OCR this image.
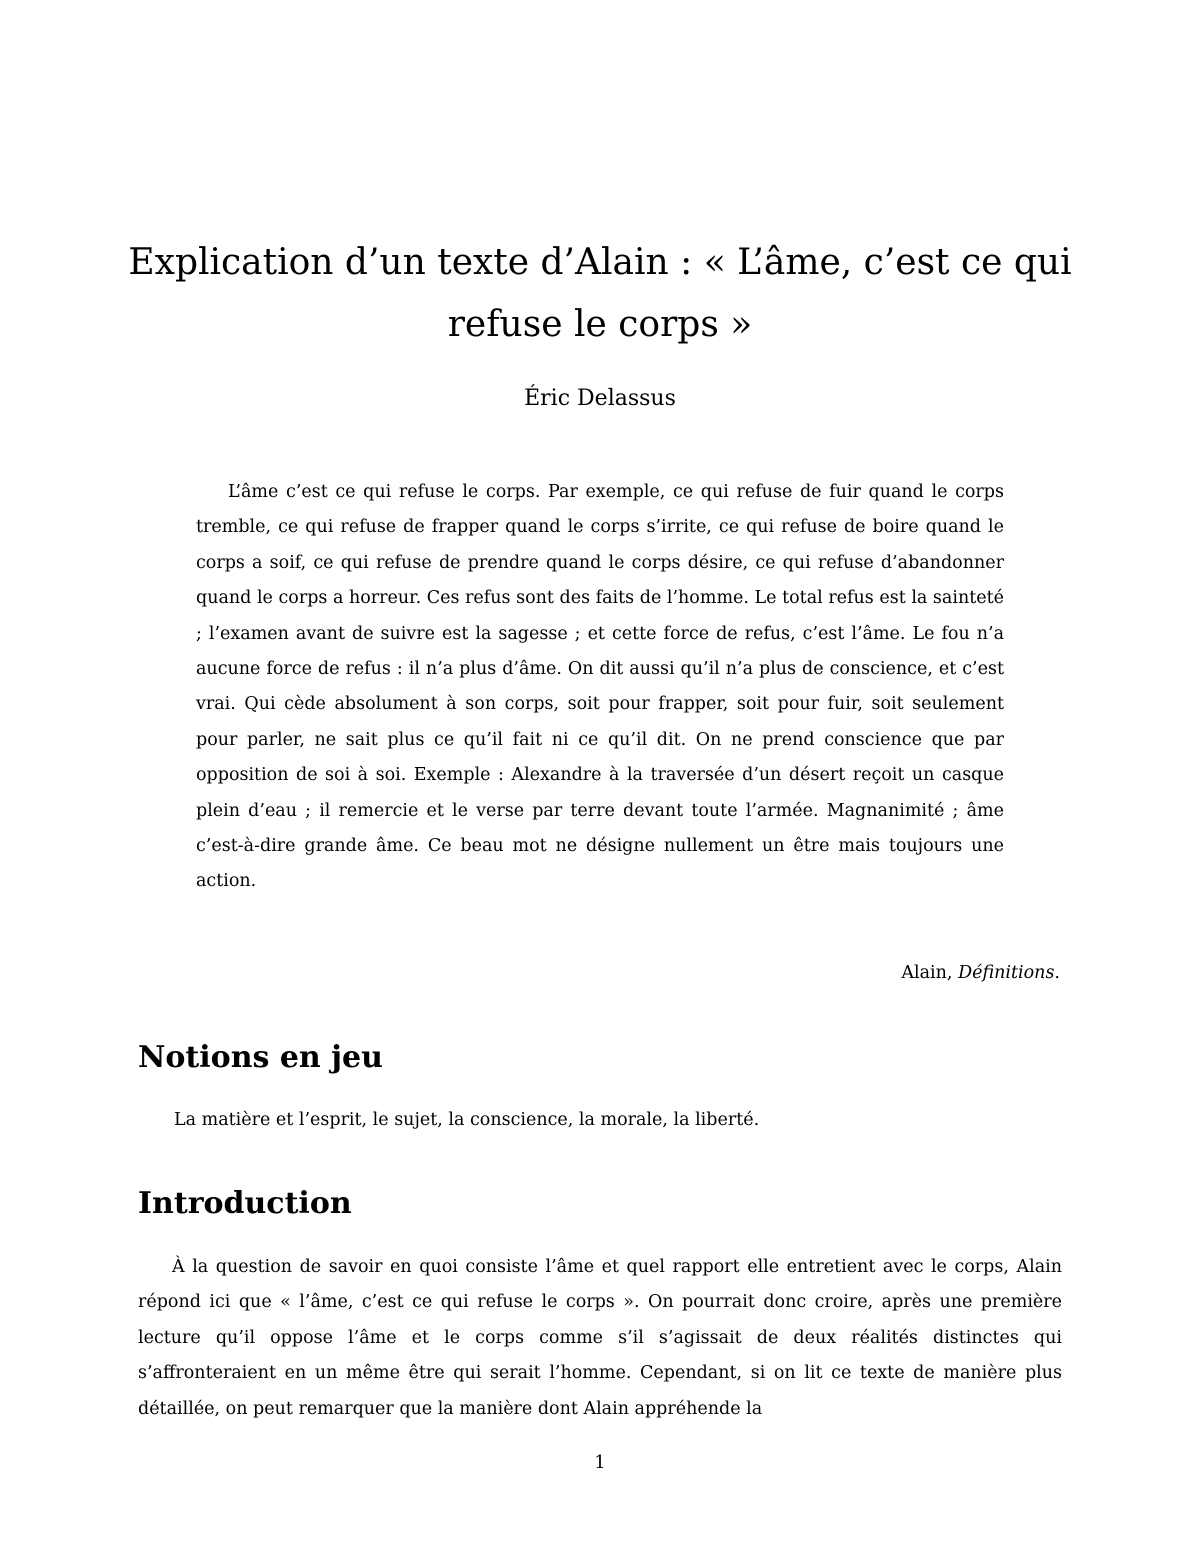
Explication d’un texte d’Alain : « L’âme, c’est ce qui refuse le corps »

Éric Delassus

L’âme c’est ce qui refuse le corps. Par exemple, ce qui refuse de fuir quand le corps tremble, ce qui refuse de frapper quand le corps s’irrite, ce qui refuse de boire quand le corps a soif, ce qui refuse de prendre quand le corps désire, ce qui refuse d’abandonner quand le corps a horreur. Ces refus sont des faits de l’homme. Le total refus est la sainteté ; l’examen avant de suivre est la sagesse ; et cette force de refus, c’est l’âme. Le fou n’a aucune force de refus : il n’a plus d’âme. On dit aussi qu’il n’a plus de conscience, et c’est vrai. Qui cède absolument à son corps, soit pour frapper, soit pour fuir, soit seulement pour parler, ne sait plus ce qu’il fait ni ce qu’il dit. On ne prend conscience que par opposition de soi à soi. Exemple : Alexandre à la traversée d’un désert reçoit un casque plein d’eau ; il remercie et le verse par terre devant toute l’armée. Magnanimité ; âme c’est-à-dire grande âme. Ce beau mot ne désigne nullement un être mais toujours une action.

Alain, Définitions.

Notions en jeu

La matière et l’esprit, le sujet, la conscience, la morale, la liberté.

Introduction

À la question de savoir en quoi consiste l’âme et quel rapport elle entretient avec le corps, Alain répond ici que « l’âme, c’est ce qui refuse le corps ». On pourrait donc croire, après une première lecture qu’il oppose l’âme et le corps comme s’il s’agissait de deux réalités distinctes qui s’affronteraient en un même être qui serait l’homme. Cependant, si on lit ce texte de manière plus détaillée, on peut remarquer que la manière dont Alain appréhende la

1
